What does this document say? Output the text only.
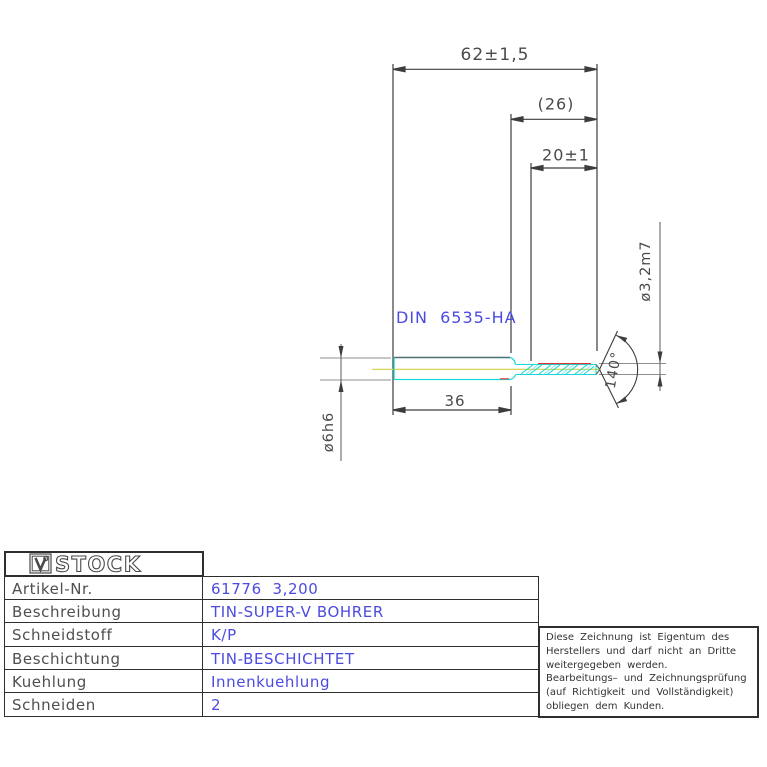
62±1,5
(26)
20±1
36
ø6h6
ø3,2m7
140°
DIN 6535-HA
STOCK
Artikel-Nr.	61776  3,200
Beschreibung	TIN-SUPER-V BOHRER
Schneidstoff	K/P
Beschichtung	TIN-BESCHICHTET
Kuehlung	Innenkuehlung
Schneiden	2
Diese Zeichnung ist Eigentum des
Herstellers und darf nicht an Dritte
weitergegeben werden.
Bearbeitungs– und Zeichnungsprüfung
(auf Richtigkeit und Vollständigkeit)
obliegen dem Kunden.
